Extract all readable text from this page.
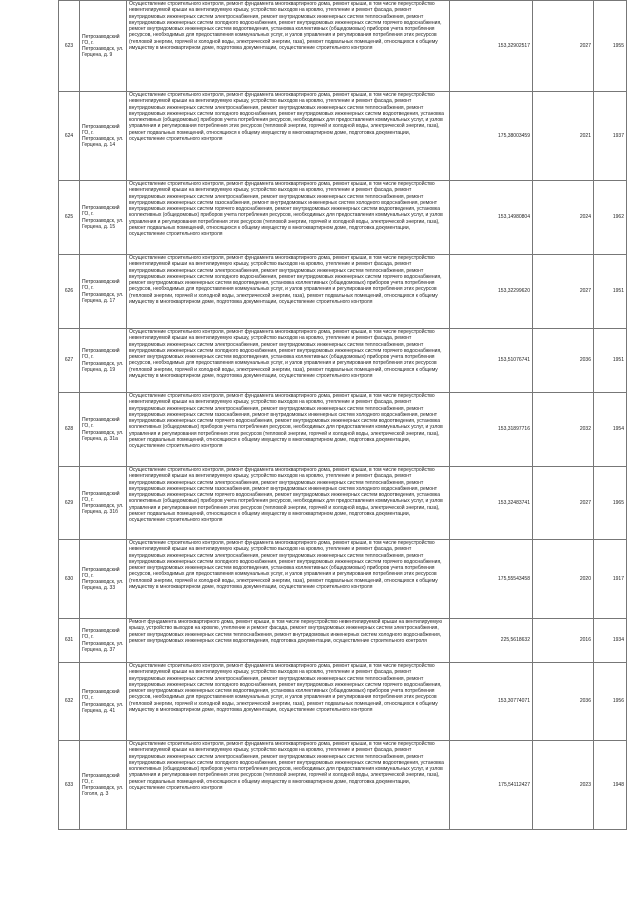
623	Петрозаводский ГО, г. Петрозаводск, ул. Герцена, д. 9	Осуществление строительного контроля, ремонт фундамента многоквартирного дома, ремонт крыши, в том числе переустройство невентилируемой крыши на вентилируемую крышу, устройство выходов на кровлю, утепление и ремонт фасада, ремонт внутридомовых инженерных систем электроснабжения, ремонт внутридомовых инженерных систем теплоснабжения, ремонт внутридомовых инженерных систем холодного водоснабжения, ремонт внутридомовых инженерных систем горячего водоснабжения, ремонт внутридомовых инженерных систем водоотведения, установка коллективных (общедомовых) приборов учета потребления ресурсов, необходимых для предоставления коммунальных услуг, и узлов управления и регулирования потребления этих ресурсов (тепловой энергии, горячей и холодной воды, электрической энергии, газа), ремонт подвальных помещений, относящихся к общему имуществу в многоквартирном доме, подготовка документации, осуществление строительного контроля	153,32902517	2027	1955
624	Петрозаводский ГО, г. Петрозаводск, ул. Герцена, д. 14	Осуществление строительного контроля, ремонт фундамента многоквартирного дома, ремонт крыши, в том числе переустройство невентилируемой крыши на вентилируемую крышу, устройство выходов на кровлю, утепление и ремонт фасада, ремонт внутридомовых инженерных систем электроснабжения, ремонт внутридомовых инженерных систем теплоснабжения, ремонт внутридомовых инженерных систем холодного водоснабжения, ремонт внутридомовых инженерных систем водоотведения, установка коллективных (общедомовых) приборов учета потребления ресурсов, необходимых для предоставления коммунальных услуг, и узлов управления и регулирования потребления этих ресурсов (тепловой энергии, горячей и холодной воды, электрической энергии, газа), ремонт подвальных помещений, относящихся к общему имуществу в многоквартирном доме, подготовка документации, осуществление строительного контроля	175,38003459	2021	1937
625	Петрозаводский ГО, г. Петрозаводск, ул. Герцена, д. 15	Осуществление строительного контроля, ремонт фундамента многоквартирного дома, ремонт крыши, в том числе переустройство невентилируемой крыши на вентилируемую крышу, устройство выходов на кровлю, утепление и ремонт фасада, ремонт внутридомовых инженерных систем электроснабжения, ремонт внутридомовых инженерных систем теплоснабжения, ремонт внутридомовых инженерных систем газоснабжения, ремонт внутридомовых инженерных систем холодного водоснабжения, ремонт внутридомовых инженерных систем горячего водоснабжения, ремонт внутридомовых инженерных систем водоотведения, установка коллективных (общедомовых) приборов учета потребления ресурсов, необходимых для предоставления коммунальных услуг, и узлов управления и регулирования потребления этих ресурсов (тепловой энергии, горячей и холодной воды, электрической энергии, газа), ремонт подвальных помещений, относящихся к общему имуществу в многоквартирном доме, подготовка документации, осуществление строительного контроля	153,14980804	2024	1962
626	Петрозаводский ГО, г. Петрозаводск, ул. Герцена, д. 17	Осуществление строительного контроля, ремонт фундамента многоквартирного дома, ремонт крыши, в том числе переустройство невентилируемой крыши на вентилируемую крышу, устройство выходов на кровлю, утепление и ремонт фасада, ремонт внутридомовых инженерных систем электроснабжения, ремонт внутридомовых инженерных систем теплоснабжения, ремонт внутридомовых инженерных систем холодного водоснабжения, ремонт внутридомовых инженерных систем горячего водоснабжения, ремонт внутридомовых инженерных систем водоотведения, установка коллективных (общедомовых) приборов учета потребления ресурсов, необходимых для предоставления коммунальных услуг, и узлов управления и регулирования потребления этих ресурсов (тепловой энергии, горячей и холодной воды, электрической энергии, газа), ремонт подвальных помещений, относящихся к общему имуществу в многоквартирном доме, подготовка документации, осуществление строительного контроля	153,32299620	2027	1951
627	Петрозаводский ГО, г. Петрозаводск, ул. Герцена, д. 19	Осуществление строительного контроля, ремонт фундамента многоквартирного дома, ремонт крыши, в том числе переустройство невентилируемой крыши на вентилируемую крышу, устройство выходов на кровлю, утепление и ремонт фасада, ремонт внутридомовых инженерных систем электроснабжения, ремонт внутридомовых инженерных систем теплоснабжения, ремонт внутридомовых инженерных систем холодного водоснабжения, ремонт внутридомовых инженерных систем горячего водоснабжения, ремонт внутридомовых инженерных систем водоотведения, установка коллективных (общедомовых) приборов учета потребления ресурсов, необходимых для предоставления коммунальных услуг, и узлов управления и регулирования потребления этих ресурсов (тепловой энергии, горячей и холодной воды, электрической энергии, газа), ремонт подвальных помещений, относящихся к общему имуществу в многоквартирном доме, подготовка документации, осуществление строительного контроля	153,51076741	2036	1951
628	Петрозаводский ГО, г. Петрозаводск, ул. Герцена, д. 31а	Осуществление строительного контроля, ремонт фундамента многоквартирного дома, ремонт крыши, в том числе переустройство невентилируемой крыши на вентилируемую крышу, устройство выходов на кровлю, утепление и ремонт фасада, ремонт внутридомовых инженерных систем электроснабжения, ремонт внутридомовых инженерных систем теплоснабжения, ремонт внутридомовых инженерных систем газоснабжения, ремонт внутридомовых инженерных систем холодного водоснабжения, ремонт внутридомовых инженерных систем горячего водоснабжения, ремонт внутридомовых инженерных систем водоотведения, установка коллективных (общедомовых) приборов учета потребления ресурсов, необходимых для предоставления коммунальных услуг, и узлов управления и регулирования потребления этих ресурсов (тепловой энергии, горячей и холодной воды, электрической энергии, газа), ремонт подвальных помещений, относящихся к общему имуществу в многоквартирном доме, подготовка документации, осуществление строительного контроля	153,31897716	2032	1954
629	Петрозаводский ГО, г. Петрозаводск, ул. Герцена, д. 31б	Осуществление строительного контроля, ремонт фундамента многоквартирного дома, ремонт крыши, в том числе переустройство невентилируемой крыши на вентилируемую крышу, устройство выходов на кровлю, утепление и ремонт фасада, ремонт внутридомовых инженерных систем электроснабжения, ремонт внутридомовых инженерных систем теплоснабжения, ремонт внутридомовых инженерных систем газоснабжения, ремонт внутридомовых инженерных систем холодного водоснабжения, ремонт внутридомовых инженерных систем горячего водоснабжения, ремонт внутридомовых инженерных систем водоотведения, установка коллективных (общедомовых) приборов учета потребления ресурсов, необходимых для предоставления коммунальных услуг, и узлов управления и регулирования потребления этих ресурсов (тепловой энергии, горячей и холодной воды, электрической энергии, газа), ремонт подвальных помещений, относящихся к общему имуществу в многоквартирном доме, подготовка документации, осуществление строительного контроля	153,32483741	2027	1965
630	Петрозаводский ГО, г. Петрозаводск, ул. Герцена, д. 33	Осуществление строительного контроля, ремонт фундамента многоквартирного дома, ремонт крыши, в том числе переустройство невентилируемой крыши на вентилируемую крышу, устройство выходов на кровлю, утепление и ремонт фасада, ремонт внутридомовых инженерных систем электроснабжения, ремонт внутридомовых инженерных систем теплоснабжения, ремонт внутридомовых инженерных систем холодного водоснабжения, ремонт внутридомовых инженерных систем горячего водоснабжения, ремонт внутридомовых инженерных систем водоотведения, установка коллективных (общедомовых) приборов учета потребления ресурсов, необходимых для предоставления коммунальных услуг, и узлов управления и регулирования потребления этих ресурсов (тепловой энергии, горячей и холодной воды, электрической энергии, газа), ремонт подвальных помещений, относящихся к общему имуществу в многоквартирном доме, подготовка документации, осуществление строительного контроля	175,55543458	2020	1917
631	Петрозаводский ГО, г. Петрозаводск, ул. Герцена, д. 37	Ремонт фундамента многоквартирного дома, ремонт крыши, в том числе переустройство невентилируемой крыши на вентилируемую крышу, устройство выходов на кровлю, утепление и ремонт фасада, ремонт внутридомовых инженерных систем электроснабжения, ремонт внутридомовых инженерных систем теплоснабжения, ремонт внутридомовых инженерных систем холодного водоснабжения, ремонт внутридомовых инженерных систем водоотведения, подготовка документации, осуществление строительного контроля	225,5618632	2016	1934
632	Петрозаводский ГО, г. Петрозаводск, ул. Герцена, д. 41	Осуществление строительного контроля, ремонт фундамента многоквартирного дома, ремонт крыши, в том числе переустройство невентилируемой крыши на вентилируемую крышу, устройство выходов на кровлю, утепление и ремонт фасада, ремонт внутридомовых инженерных систем электроснабжения, ремонт внутридомовых инженерных систем теплоснабжения, ремонт внутридомовых инженерных систем холодного водоснабжения, ремонт внутридомовых инженерных систем горячего водоснабжения, ремонт внутридомовых инженерных систем водоотведения, установка коллективных (общедомовых) приборов учета потребления ресурсов, необходимых для предоставления коммунальных услуг, и узлов управления и регулирования потребления этих ресурсов (тепловой энергии, горячей и холодной воды, электрической энергии, газа), ремонт подвальных помещений, относящихся к общему имуществу в многоквартирном доме, подготовка документации, осуществление строительного контроля	153,30774071	2036	1956
633	Петрозаводский ГО, г. Петрозаводск, ул. Гоголя, д. 3	Осуществление строительного контроля, ремонт фундамента многоквартирного дома, ремонт крыши, в том числе переустройство невентилируемой крыши на вентилируемую крышу, устройство выходов на кровлю, утепление и ремонт фасада, ремонт внутридомовых инженерных систем электроснабжения, ремонт внутридомовых инженерных систем теплоснабжения, ремонт внутридомовых инженерных систем холодного водоснабжения, ремонт внутридомовых инженерных систем водоотведения, установка коллективных (общедомовых) приборов учета потребления ресурсов, необходимых для предоставления коммунальных услуг, и узлов управления и регулирования потребления этих ресурсов (тепловой энергии, горячей и холодной воды, электрической энергии, газа), ремонт подвальных помещений, относящихся к общему имуществу в многоквартирном доме, подготовка документации, осуществление строительного контроля	175,54112427	2023	1948
